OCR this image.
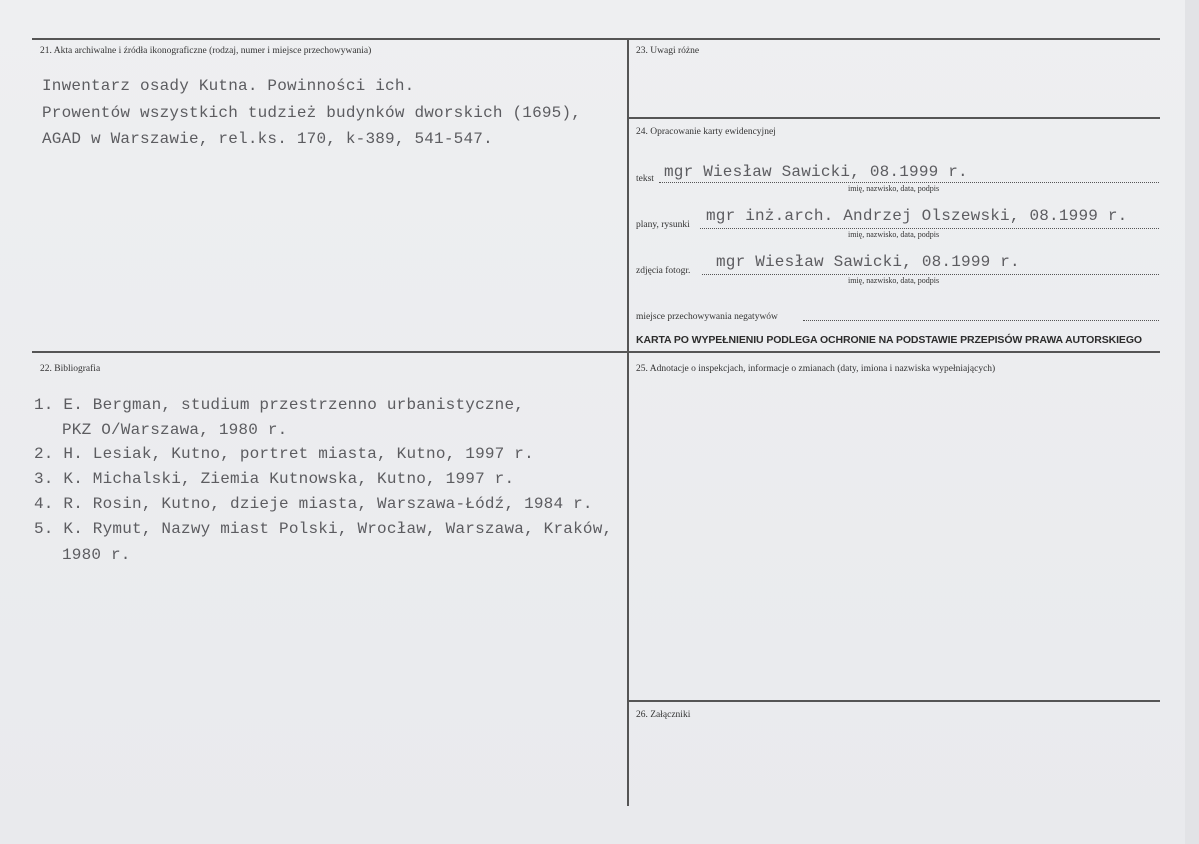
21. Akta archiwalne i źródła ikonograficzne (rodzaj, numer i miejsce przechowywania)
Inwentarz osady Kutna. Powinności ich.
Prowentów wszystkich tudzież budynków dworskich (1695),
AGAD w Warszawie, rel.ks. 170, k-389, 541-547.
23. Uwagi różne
24. Opracowanie karty ewidencyjnej
tekst mgr Wiesław Sawicki, 08.1999 r.
imię, nazwisko, data, podpis
plany, rysunki mgr inż.arch. Andrzej Olszewski, 08.1999 r.
imię, nazwisko, data, podpis
zdjęcia fotogr. mgr Wiesław Sawicki, 08.1999 r.
imię, nazwisko, data, podpis
miejsce przechowywania negatywów
KARTA PO WYPEŁNIENIU PODLEGA OCHRONIE NA PODSTAWIE PRZEPISÓW PRAWA AUTORSKIEGO
22. Bibliografia
1. E. Bergman, studium przestrzenno urbanistyczne,
PKZ O/Warszawa, 1980 r.
2. H. Lesiak, Kutno, portret miasta, Kutno, 1997 r.
3. K. Michalski, Ziemia Kutnowska, Kutno, 1997 r.
4. R. Rosin, Kutno, dzieje miasta, Warszawa-Łódź, 1984 r.
5. K. Rymut, Nazwy miast Polski, Wrocław, Warszawa, Kraków,
1980 r.
25. Adnotacje o inspekcjach, informacje o zmianach (daty, imiona i nazwiska wypełniających)
26. Załączniki
